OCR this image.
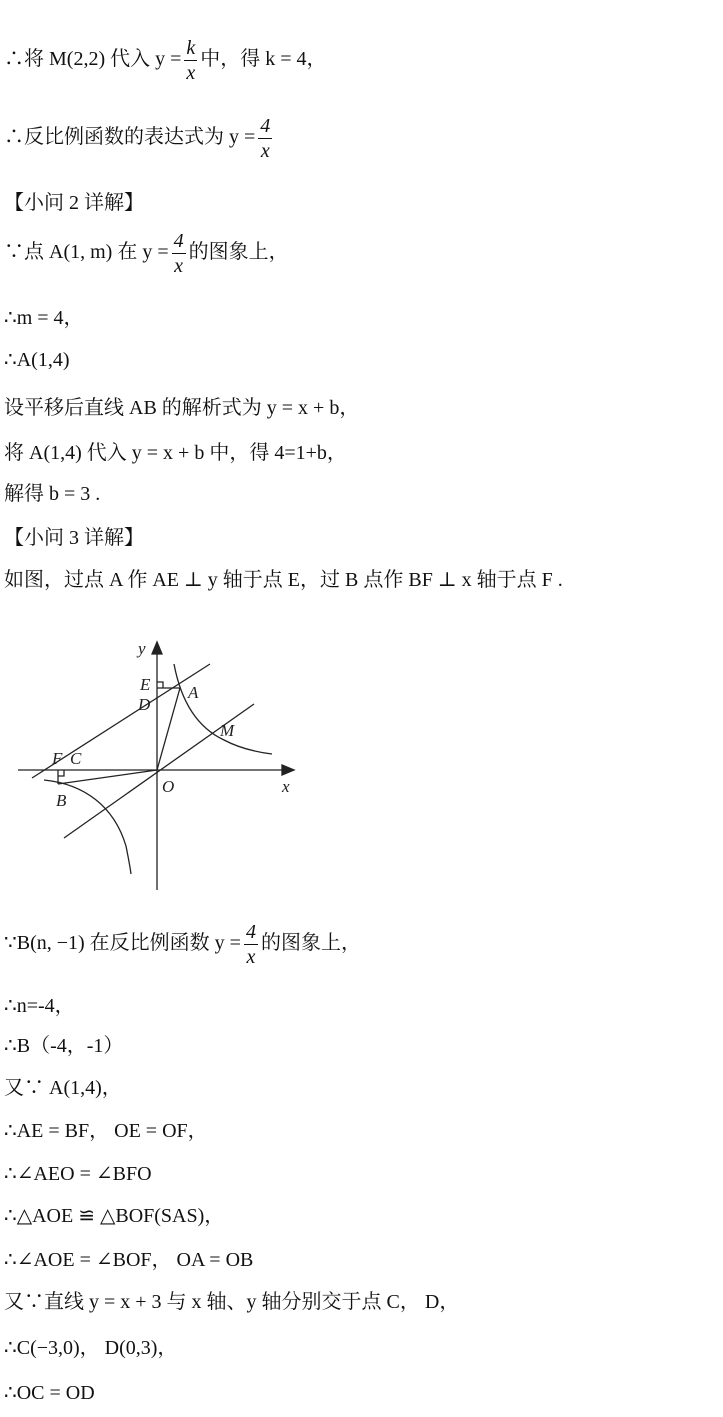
∴将 M(2,2) 代入 $y = \frac{k}{x}$ 中，得 k = 4，
∴反比例函数的表达式为 $y = \frac{4}{x}$
【小问 2 详解】
∵点 A(1, m) 在 $y = \frac{4}{x}$ 的图象上，
∴m = 4，
∴A(1,4)
设平移后直线 AB 的解析式为 y = x + b，
将 A(1,4) 代入 y = x + b 中，得 4=1+b，
解得 b = 3 .
【小问 3 详解】
如图，过点 A 作 AE ⊥ y 轴于点 E，过 B 点作 BF ⊥ x 轴于点 F .
∵B(n, −1) 在反比例函数 $y = \frac{4}{x}$ 的图象上，
∴n=-4，
∴B（-4，-1）
又∵ A(1,4)，
∴AE = BF， OE = OF，
∴∠AEO = ∠BFO
∴△AOE ≌ △BOF(SAS)，
∴∠AOE = ∠BOF， OA = OB
又∵直线 y = x + 3 与 x 轴、y 轴分别交于点 C， D，
∴C(−3,0)， D(0,3)，
∴OC = OD
y
x
E
D
A
M
F C
B
O
